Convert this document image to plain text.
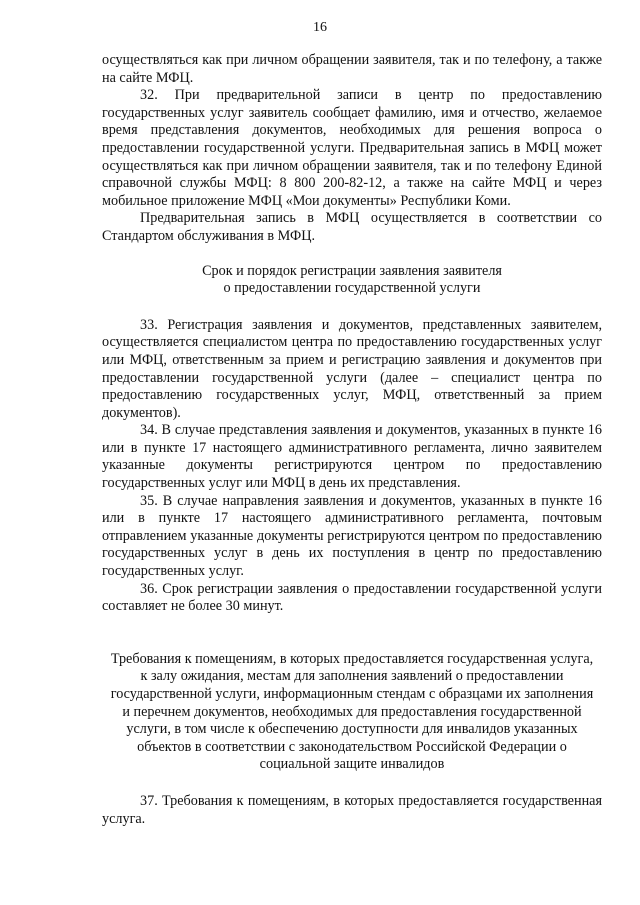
16

осуществляться как при личном обращении заявителя, так и по телефону, а также на сайте МФЦ.

32. При предварительной записи в центр по предоставлению государственных услуг заявитель сообщает фамилию, имя и отчество, желаемое время представления документов, необходимых для решения вопроса о предоставлении государственной услуги. Предварительная запись в МФЦ может осуществляться как при личном обращении заявителя, так и по телефону Единой справочной службы МФЦ: 8 800 200-82-12, а также на сайте МФЦ и через мобильное приложение МФЦ «Мои документы» Республики Коми.

Предварительная запись в МФЦ осуществляется в соответствии со Стандартом обслуживания в МФЦ.

Срок и порядок регистрации заявления заявителя

о предоставлении государственной услуги

33. Регистрация заявления и документов, представленных заявителем, осуществляется специалистом центра по предоставлению государственных услуг или МФЦ, ответственным за прием и регистрацию заявления и документов при предоставлении государственной услуги (далее – специалист центра по предоставлению государственных услуг, МФЦ, ответственный за прием документов).

34. В случае представления заявления и документов, указанных в пункте 16 или в пункте 17 настоящего административного регламента, лично заявителем указанные документы регистрируются центром по предоставлению государственных услуг или МФЦ в день их представления.

35. В случае направления заявления и документов, указанных в пункте 16 или в пункте 17 настоящего административного регламента, почтовым отправлением указанные документы регистрируются центром по предоставлению государственных услуг в день их поступления в центр по предоставлению государственных услуг.

36. Срок регистрации заявления о предоставлении государственной услуги составляет не более 30 минут.

Требования к помещениям, в которых предоставляется государственная услуга, к залу ожидания, местам для заполнения заявлений о предоставлении государственной услуги, информационным стендам с образцами их заполнения и перечнем документов, необходимых для предоставления государственной услуги, в том числе к обеспечению доступности для инвалидов указанных объектов в соответствии с законодательством Российской Федерации о социальной защите инвалидов

37. Требования к помещениям, в которых предоставляется государственная услуга.
